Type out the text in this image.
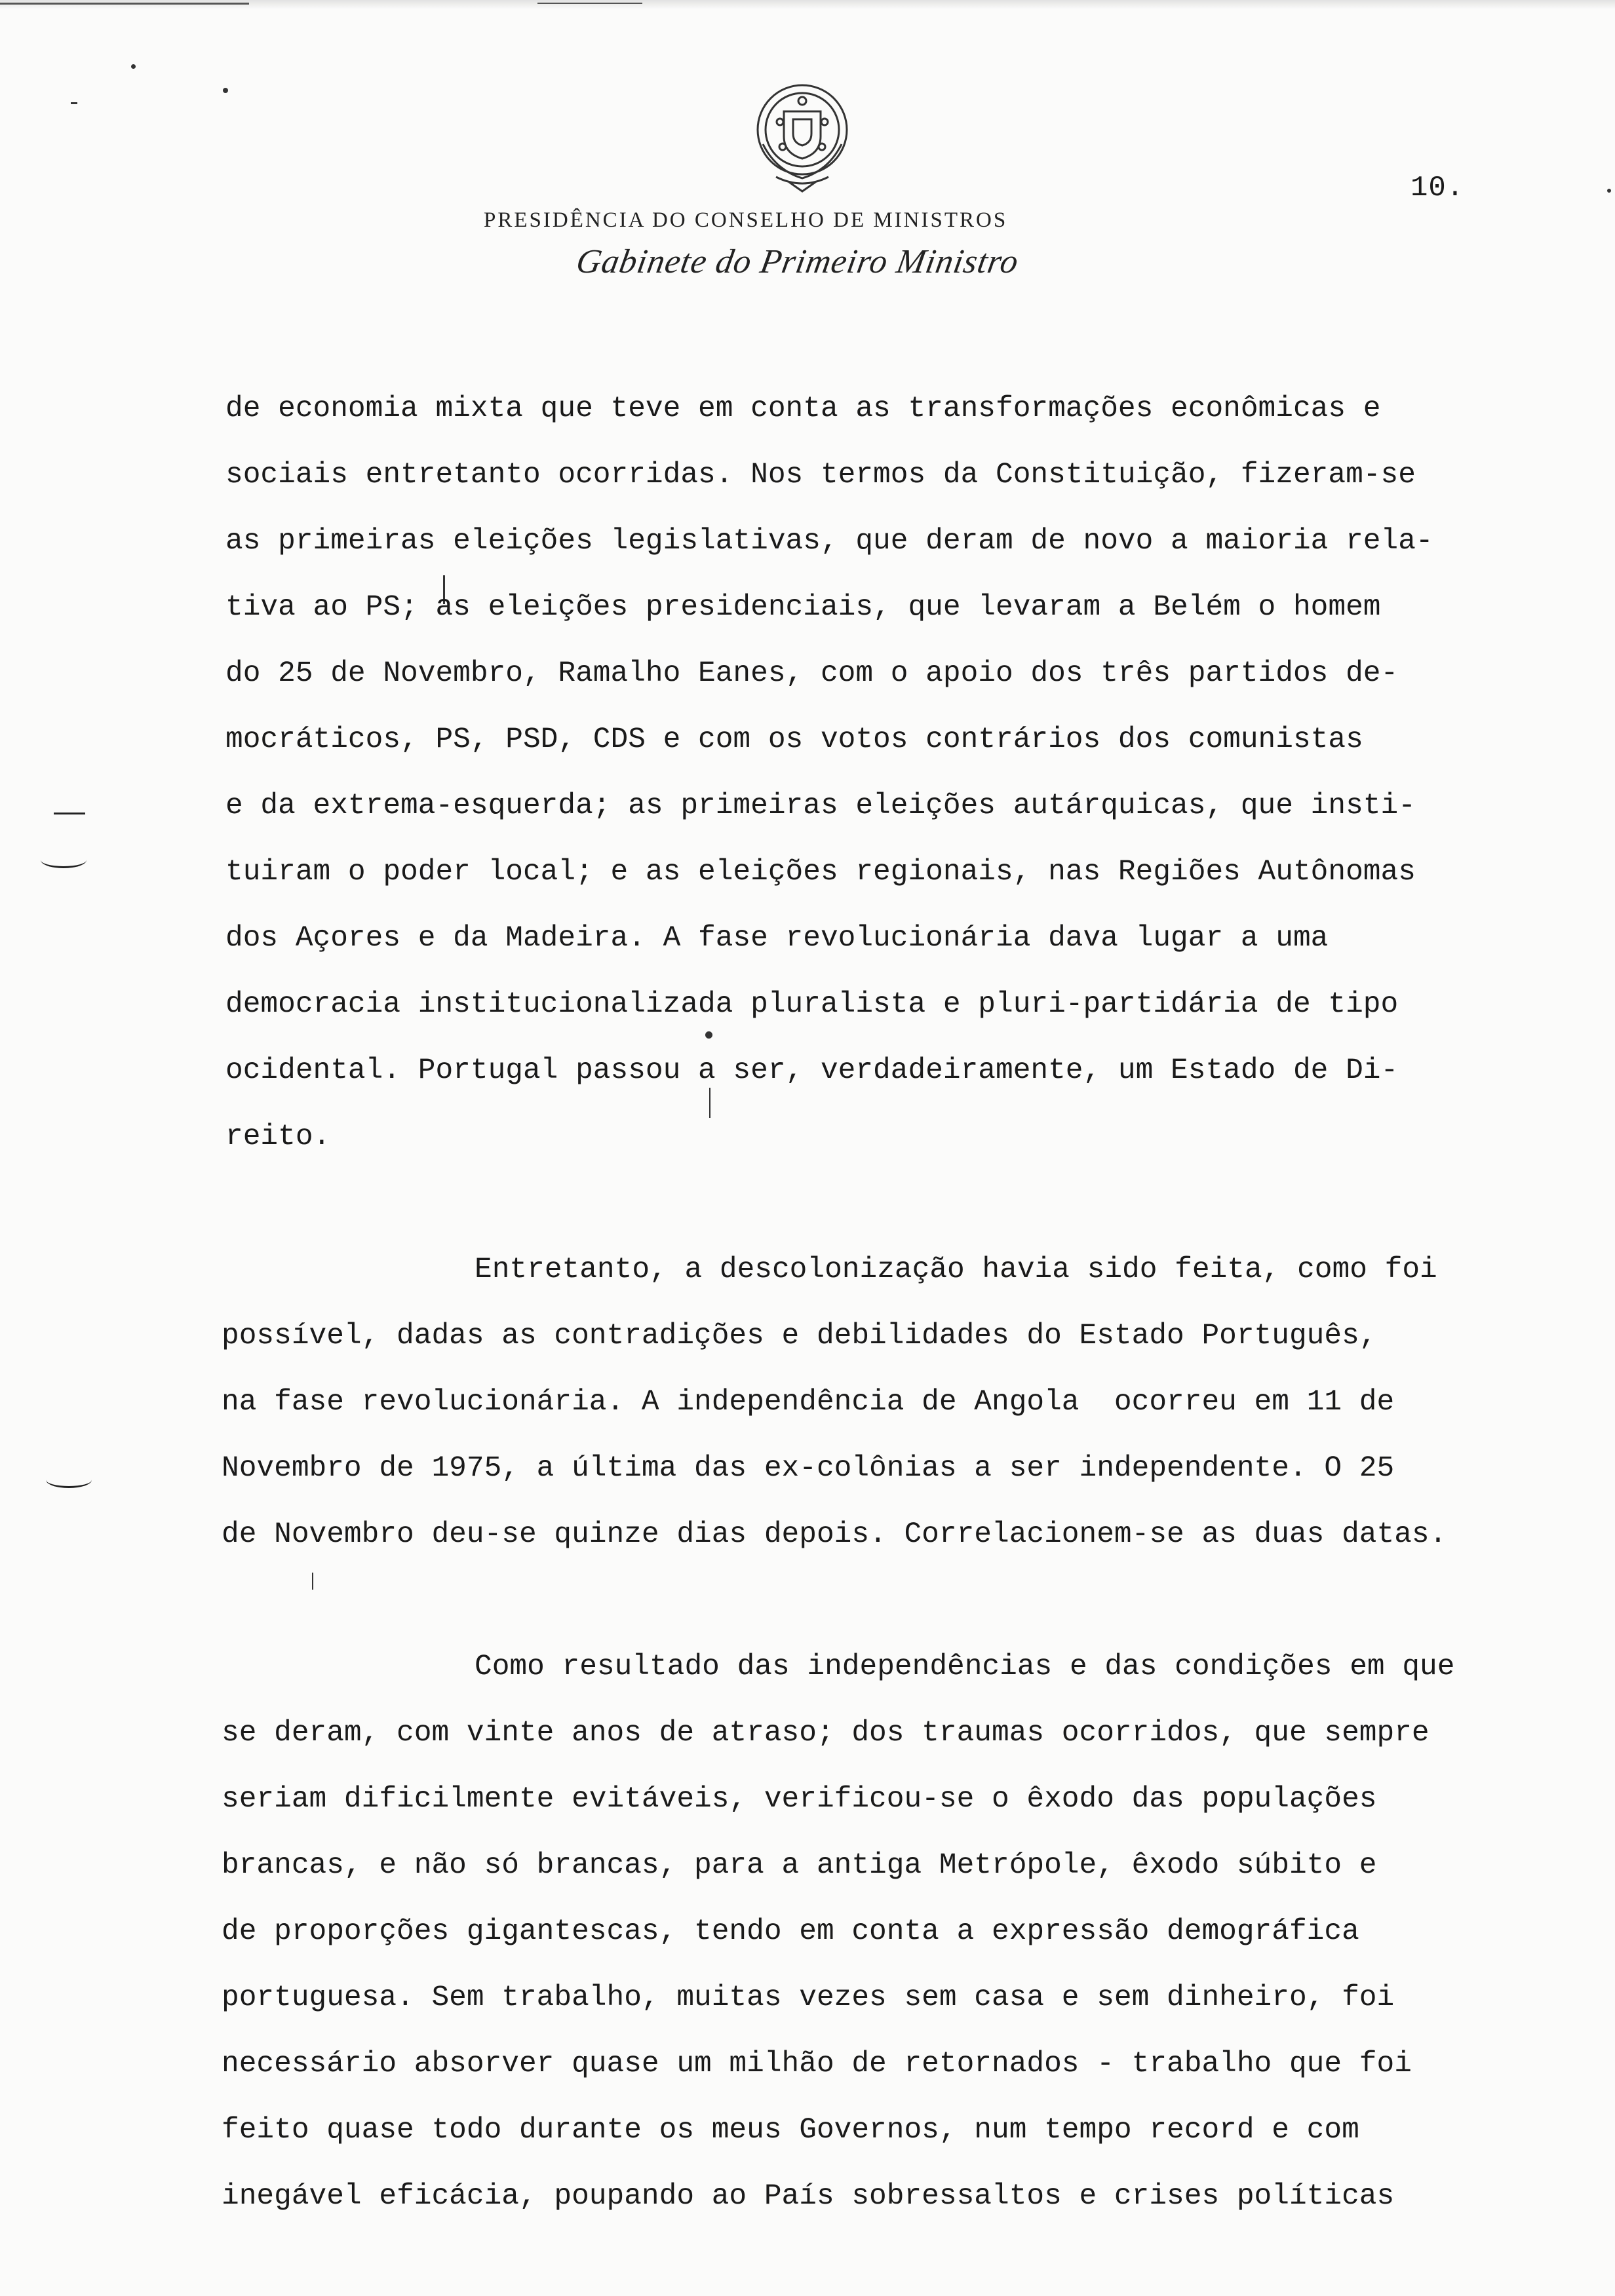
10.
PRESIDÊNCIA DO CONSELHO DE MINISTROS
Gabinete do Primeiro Ministro
de economia mixta que teve em conta as transformações econômicas e
sociais entretanto ocorridas. Nos termos da Constituição, fizeram-se
as primeiras eleições legislativas, que deram de novo a maioria rela-
tiva ao PS; as eleições presidenciais, que levaram a Belém o homem
do 25 de Novembro, Ramalho Eanes, com o apoio dos três partidos de-
mocráticos, PS, PSD, CDS e com os votos contrários dos comunistas
e da extrema-esquerda; as primeiras eleições autárquicas, que insti-
tuiram o poder local; e as eleições regionais, nas Regiões Autônomas
dos Açores e da Madeira. A fase revolucionária dava lugar a uma
democracia institucionalizada pluralista e pluri-partidária de tipo
ocidental. Portugal passou a ser, verdadeiramente, um Estado de Di-
reito.
Entretanto, a descolonização havia sido feita, como foi
possível, dadas as contradições e debilidades do Estado Português,
na fase revolucionária. A independência de Angola  ocorreu em 11 de
Novembro de 1975, a última das ex-colônias a ser independente. O 25
de Novembro deu-se quinze dias depois. Correlacionem-se as duas datas.
Como resultado das independências e das condições em que
se deram, com vinte anos de atraso; dos traumas ocorridos, que sempre
seriam dificilmente evitáveis, verificou-se o êxodo das populações
brancas, e não só brancas, para a antiga Metrópole, êxodo súbito e
de proporções gigantescas, tendo em conta a expressão demográfica
portuguesa. Sem trabalho, muitas vezes sem casa e sem dinheiro, foi
necessário absorver quase um milhão de retornados - trabalho que foi
feito quase todo durante os meus Governos, num tempo record e com
inegável eficácia, poupando ao País sobressaltos e crises políticas
